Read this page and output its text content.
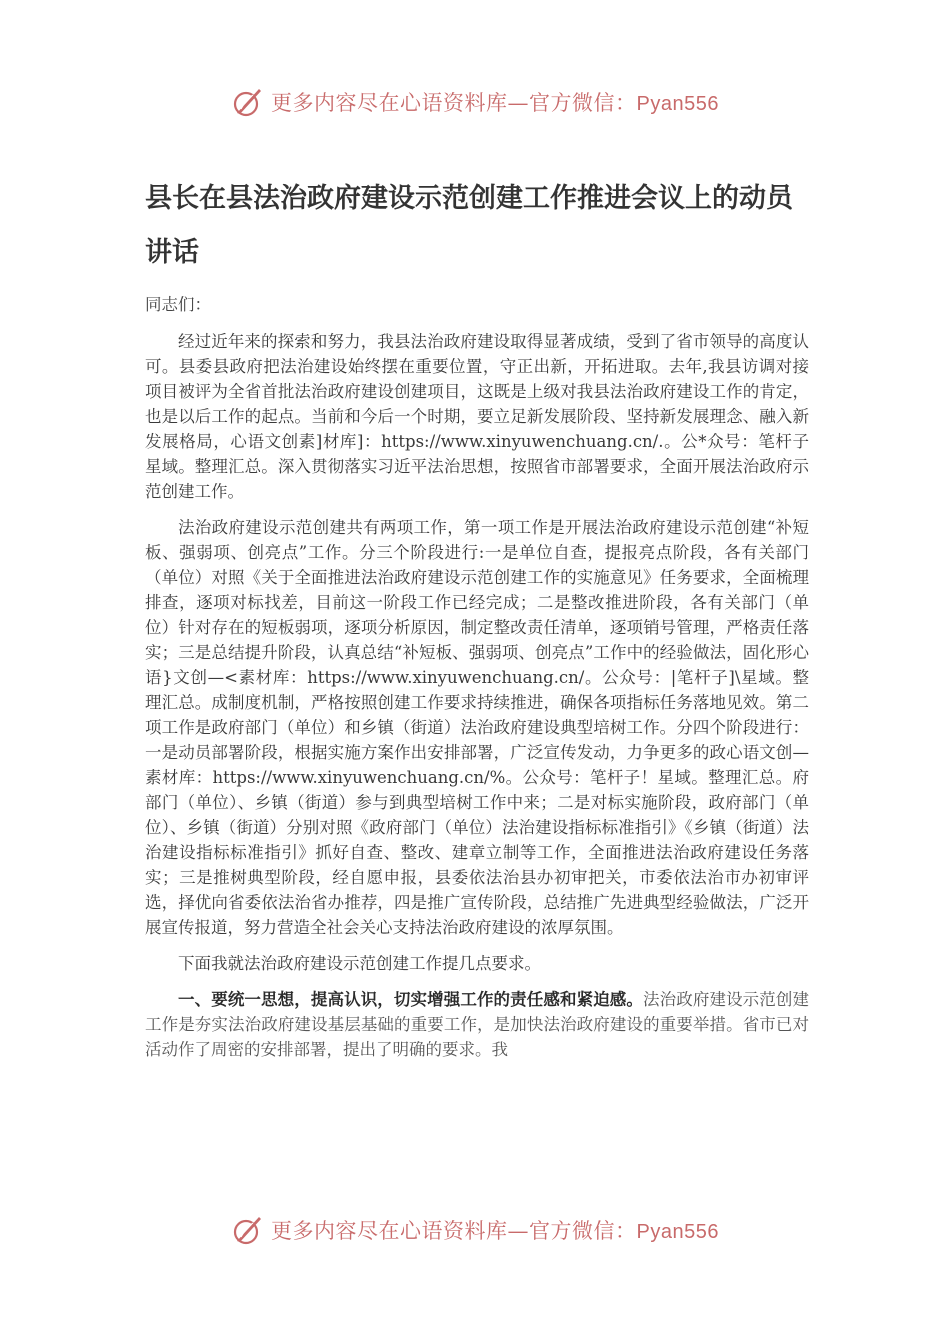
更多内容尽在心语资料库—官方微信：Pyan556
县长在县法治政府建设示范创建工作推进会议上的动员讲话
同志们：

经过近年来的探索和努力，我县法治政府建设取得显著成绩，受到了省市领导的高度认可。县委县政府把法治建设始终摆在重要位置，守正出新，开拓进取。去年,我县访调对接项目被评为全省首批法治政府建设创建项目，这既是上级对我县法治政府建设工作的肯定，也是以后工作的起点。当前和今后一个时期，要立足新发展阶段、坚持新发展理念、融入新发展格局，心语文创素]材库]：https://www.xinyuwenchuang.cn/.。公*众号：笔杆子星域。整理汇总。深入贯彻落实习近平法治思想，按照省市部署要求，全面开展法治政府示范创建工作。

法治政府建设示范创建共有两项工作，第一项工作是开展法治政府建设示范创建“补短板、强弱项、创亮点”工作。分三个阶段进行:一是单位自查，提报亮点阶段，各有关部门（单位）对照《关于全面推进法治政府建设示范创建工作的实施意见》任务要求，全面梳理排查，逐项对标找差，目前这一阶段工作已经完成；二是整改推进阶段，各有关部门（单位）针对存在的短板弱项，逐项分析原因，制定整改责任清单，逐项销号管理，严格责任落实；三是总结提升阶段，认真总结“补短板、强弱项、创亮点”工作中的经验做法，固化形心语}文创—<素材库：https://www.xinyuwenchuang.cn/。公众号：|笔杆子]\星域。整理汇总。成制度机制，严格按照创建工作要求持续推进，确保各项指标任务落地见效。第二项工作是政府部门（单位）和乡镇（街道）法治政府建设典型培树工作。分四个阶段进行：一是动员部署阶段，根据实施方案作出安排部署，广泛宣传发动，力争更多的政心语文创—素材库：https://www.xinyuwenchuang.cn/%。公众号：笔杆子！星域。整理汇总。府部门（单位）、乡镇（街道）参与到典型培树工作中来；二是对标实施阶段，政府部门（单位）、乡镇（街道）分别对照《政府部门（单位）法治建设指标标准指引》《乡镇（街道）法治建设指标标准指引》抓好自查、整改、建章立制等工作，全面推进法治政府建设任务落实；三是推树典型阶段，经自愿申报，县委依法治县办初审把关，市委依法治市办初审评选，择优向省委依法治省办推荐，四是推广宣传阶段，总结推广先进典型经验做法，广泛开展宣传报道，努力营造全社会关心支持法治政府建设的浓厚氛围。

下面我就法治政府建设示范创建工作提几点要求。

一、要统一思想，提高认识，切实增强工作的责任感和紧迫感。法治政府建设示范创建工作是夯实法治政府建设基层基础的重要工作，是加快法治政府建设的重要举措。省市已对活动作了周密的安排部署，提出了明确的要求。我

更多内容尽在心语资料库—官方微信：Pyan556
